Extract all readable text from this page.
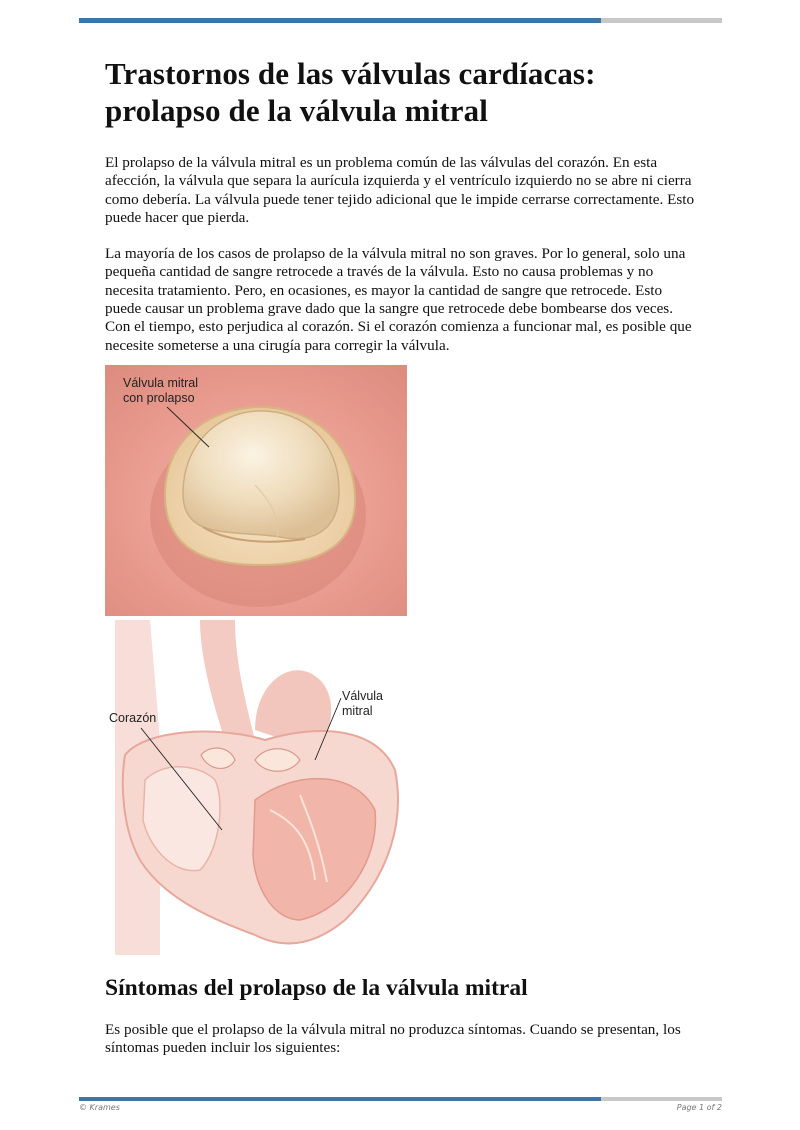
Trastornos de las válvulas cardíacas: prolapso de la válvula mitral

El prolapso de la válvula mitral es un problema común de las válvulas del corazón. En esta afección, la válvula que separa la aurícula izquierda y el ventrículo izquierdo no se abre ni cierra como debería. La válvula puede tener tejido adicional que le impide cerrarse correctamente. Esto puede hacer que pierda.

La mayoría de los casos de prolapso de la válvula mitral no son graves. Por lo general, solo una pequeña cantidad de sangre retrocede a través de la válvula. Esto no causa problemas y no necesita tratamiento. Pero, en ocasiones, es mayor la cantidad de sangre que retrocede. Esto puede causar un problema grave dado que la sangre que retrocede debe bombearse dos veces. Con el tiempo, esto perjudica al corazón. Si el corazón comienza a funcionar mal, es posible que necesite someterse a una cirugía para corregir la válvula.

Válvula mitral
con prolapso
Corazón
Válvula
mitral
Síntomas del prolapso de la válvula mitral

Es posible que el prolapso de la válvula mitral no produzca síntomas. Cuando se presentan, los síntomas pueden incluir los siguientes:

© Krames	Page 1 of 2
